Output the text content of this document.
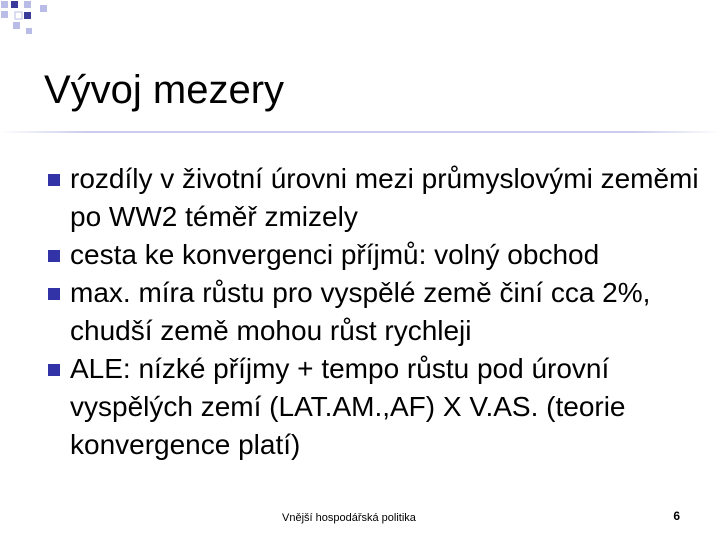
Vývoj mezery
rozdíly v životní úrovni mezi průmyslovými zeměmi po WW2 téměř zmizely
cesta ke konvergenci příjmů: volný obchod
max. míra růstu pro vyspělé země činí cca 2%, chudší země mohou růst rychleji
ALE: nízké příjmy + tempo růstu pod úrovní vyspělých zemí (LAT.AM.,AF) X V.AS. (teorie konvergence platí)
Vnější hospodářská politika	6
